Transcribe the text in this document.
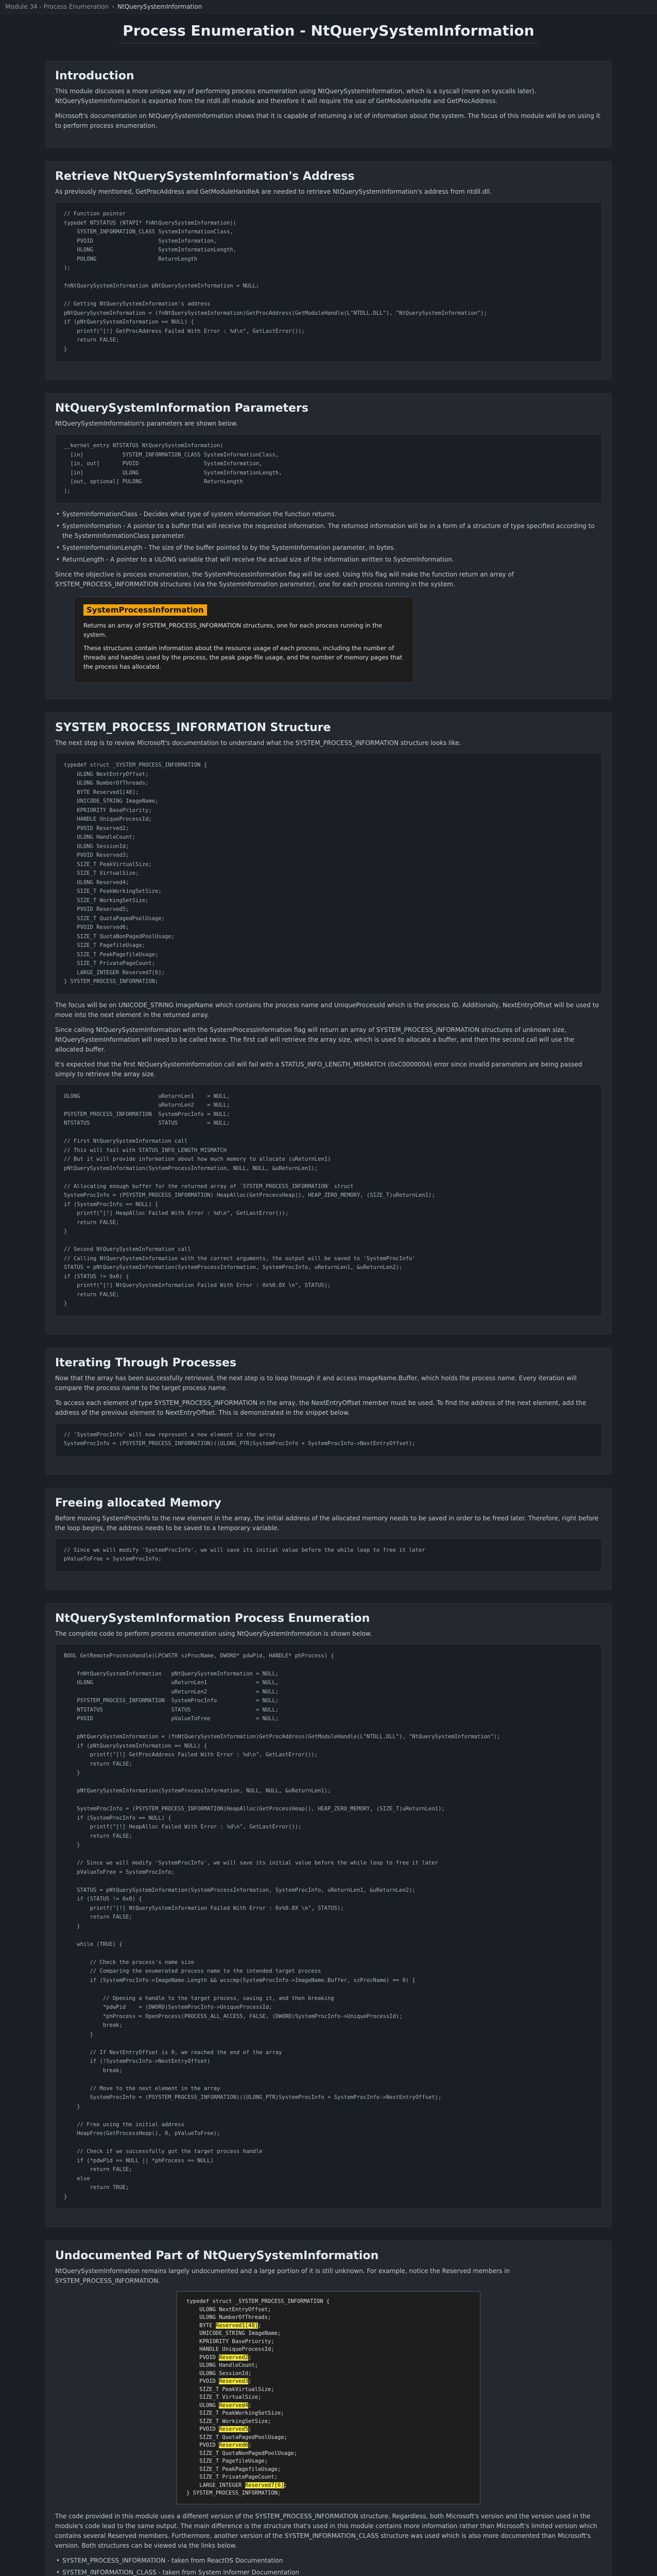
Module 34 - Process Enumeration › NtQuerySystemInformation
Process Enumeration - NtQuerySystemInformation
Introduction

This module discusses a more unique way of performing process enumeration using NtQuerySystemInformation, which is a syscall (more on syscalls later). NtQuerySystemInformation is exported from the ntdll.dll module and therefore it will require the use of GetModuleHandle and GetProcAddress.

Microsoft's documentation on NtQuerySystemInformation shows that it is capable of returning a lot of information about the system. The focus of this module will be on using it to perform process enumeration.

Retrieve NtQuerySystemInformation's Address

As previously mentioned, GetProcAddress and GetModuleHandleA are needed to retrieve NtQuerySystemInformation's address from ntdll.dll.

// Function pointer
typedef NTSTATUS (NTAPI* fnNtQuerySystemInformation)(
SYSTEM_INFORMATION_CLASS SystemInformationClass,
PVOID                    SystemInformation,
ULONG                    SystemInformationLength,
PULONG                   ReturnLength
);

fnNtQuerySystemInformation pNtQuerySystemInformation = NULL;

// Getting NtQuerySystemInformation's address
pNtQuerySystemInformation = (fnNtQuerySystemInformation)GetProcAddress(GetModuleHandle(L"NTDLL.DLL"), "NtQuerySystemInformation");
if (pNtQuerySystemInformation == NULL) {
printf("[!] GetProcAddress Failed With Error : %d\n", GetLastError());
return FALSE;
}
NtQuerySystemInformation Parameters

NtQuerySystemInformation's parameters are shown below.

__kernel_entry NTSTATUS NtQuerySystemInformation(
[in]            SYSTEM_INFORMATION_CLASS SystemInformationClass,
[in, out]       PVOID                    SystemInformation,
[in]            ULONG                    SystemInformationLength,
[out, optional] PULONG                   ReturnLength
);
• SystemInformationClass - Decides what type of system information the function returns.
• SystemInformation - A pointer to a buffer that will receive the requested information. The returned information will be in a form of a structure of type specified according to the SystemInformationClass parameter.
• SystemInformationLength - The size of the buffer pointed to by the SystemInformation parameter, in bytes.
• ReturnLength - A pointer to a ULONG variable that will receive the actual size of the information written to SystemInformation.

Since the objective is process enumeration, the SystemProcessInformation flag will be used. Using this flag will make the function return an array of SYSTEM_PROCESS_INFORMATION structures (via the SystemInformation parameter), one for each process running in the system.

SystemProcessInformation

Returns an array of SYSTEM_PROCESS_INFORMATION structures, one for each process running in the system.

These structures contain information about the resource usage of each process, including the number of threads and handles used by the process, the peak page-file usage, and the number of memory pages that the process has allocated.

SYSTEM_PROCESS_INFORMATION Structure

The next step is to review Microsoft's documentation to understand what the SYSTEM_PROCESS_INFORMATION structure looks like.

typedef struct _SYSTEM_PROCESS_INFORMATION {
ULONG NextEntryOffset;
ULONG NumberOfThreads;
BYTE Reserved1[48];
UNICODE_STRING ImageName;
KPRIORITY BasePriority;
HANDLE UniqueProcessId;
PVOID Reserved2;
ULONG HandleCount;
ULONG SessionId;
PVOID Reserved3;
SIZE_T PeakVirtualSize;
SIZE_T VirtualSize;
ULONG Reserved4;
SIZE_T PeakWorkingSetSize;
SIZE_T WorkingSetSize;
PVOID Reserved5;
SIZE_T QuotaPagedPoolUsage;
PVOID Reserved6;
SIZE_T QuotaNonPagedPoolUsage;
SIZE_T PagefileUsage;
SIZE_T PeakPagefileUsage;
SIZE_T PrivatePageCount;
LARGE_INTEGER Reserved7[6];
} SYSTEM_PROCESS_INFORMATION;

The focus will be on UNICODE_STRING ImageName which contains the process name and UniqueProcessId which is the process ID. Additionally, NextEntryOffset will be used to move into the next element in the returned array.

Since calling NtQuerySystemInformation with the SystemProcessInformation flag will return an array of SYSTEM_PROCESS_INFORMATION structures of unknown size, NtQuerySystemInformation will need to be called twice. The first call will retrieve the array size, which is used to allocate a buffer, and then the second call will use the allocated buffer.

It's expected that the first NtQuerySystemInformation call will fail with a STATUS_INFO_LENGTH_MISMATCH (0xC0000004) error since invalid parameters are being passed simply to retrieve the array size.

ULONG                        uReturnLen1    = NULL,
uReturnLen2    = NULL;
PSYSTEM_PROCESS_INFORMATION  SystemProcInfo = NULL;
NTSTATUS                     STATUS         = NULL;

// First NtQuerySystemInformation call
// This will fail with STATUS_INFO_LENGTH_MISMATCH
// But it will provide information about how much memory to allocate (uReturnLen1)
pNtQuerySystemInformation(SystemProcessInformation, NULL, NULL, &uReturnLen1);

// Allocating enough buffer for the returned array of `SYSTEM_PROCESS_INFORMATION` struct
SystemProcInfo = (PSYSTEM_PROCESS_INFORMATION) HeapAlloc(GetProcessHeap(), HEAP_ZERO_MEMORY, (SIZE_T)uReturnLen1);
if (SystemProcInfo == NULL) {
printf("[!] HeapAlloc Failed With Error : %d\n", GetLastError());
return FALSE;
}

// Second NtQuerySystemInformation call
// Calling NtQuerySystemInformation with the correct arguments, the output will be saved to 'SystemProcInfo'
STATUS = pNtQuerySystemInformation(SystemProcessInformation, SystemProcInfo, uReturnLen1, &uReturnLen2);
if (STATUS != 0x0) {
printf("[!] NtQuerySystemInformation Failed With Error : 0x%0.8X \n", STATUS);
return FALSE;
}
Iterating Through Processes

Now that the array has been successfully retrieved, the next step is to loop through it and access ImageName.Buffer, which holds the process name. Every iteration will compare the process name to the target process name.

To access each element of type SYSTEM_PROCESS_INFORMATION in the array, the NextEntryOffset member must be used. To find the address of the next element, add the address of the previous element to NextEntryOffset. This is demonstrated in the snippet below.

// 'SystemProcInfo' will now represent a new element in the array
SystemProcInfo = (PSYSTEM_PROCESS_INFORMATION)((ULONG_PTR)SystemProcInfo + SystemProcInfo->NextEntryOffset);
Freeing allocated Memory

Before moving SystemProcInfo to the new element in the array, the initial address of the allocated memory needs to be saved in order to be freed later. Therefore, right before the loop begins, the address needs to be saved to a temporary variable.

// Since we will modify 'SystemProcInfo', we will save its initial value before the while loop to free it later
pValueToFree = SystemProcInfo;
NtQuerySystemInformation Process Enumeration

The complete code to perform process enumeration using NtQuerySystemInformation is shown below.

BOOL GetRemoteProcessHandle(LPCWSTR szProcName, DWORD* pdwPid, HANDLE* phProcess) {

fnNtQuerySystemInformation   pNtQuerySystemInformation = NULL;
ULONG                        uReturnLen1               = NULL,
uReturnLen2               = NULL;
PSYSTEM_PROCESS_INFORMATION  SystemProcInfo            = NULL;
NTSTATUS                     STATUS                    = NULL;
PVOID                        pValueToFree              = NULL;

pNtQuerySystemInformation = (fnNtQuerySystemInformation)GetProcAddress(GetModuleHandle(L"NTDLL.DLL"), "NtQuerySystemInformation");
if (pNtQuerySystemInformation == NULL) {
printf("[!] GetProcAddress Failed With Error : %d\n", GetLastError());
return FALSE;
}

pNtQuerySystemInformation(SystemProcessInformation, NULL, NULL, &uReturnLen1);

SystemProcInfo = (PSYSTEM_PROCESS_INFORMATION)HeapAlloc(GetProcessHeap(), HEAP_ZERO_MEMORY, (SIZE_T)uReturnLen1);
if (SystemProcInfo == NULL) {
printf("[!] HeapAlloc Failed With Error : %d\n", GetLastError());
return FALSE;
}

// Since we will modify 'SystemProcInfo', we will save its initial value before the while loop to free it later
pValueToFree = SystemProcInfo;

STATUS = pNtQuerySystemInformation(SystemProcessInformation, SystemProcInfo, uReturnLen1, &uReturnLen2);
if (STATUS != 0x0) {
printf("[!] NtQuerySystemInformation Failed With Error : 0x%0.8X \n", STATUS);
return FALSE;
}

while (TRUE) {

// Check the process's name size
// Comparing the enumerated process name to the intended target process
if (SystemProcInfo->ImageName.Length && wcscmp(SystemProcInfo->ImageName.Buffer, szProcName) == 0) {

// Opening a handle to the target process, saving it, and then breaking
*pdwPid    = (DWORD)SystemProcInfo->UniqueProcessId;
*phProcess = OpenProcess(PROCESS_ALL_ACCESS, FALSE, (DWORD)SystemProcInfo->UniqueProcessId);
break;
}

// If NextEntryOffset is 0, we reached the end of the array
if (!SystemProcInfo->NextEntryOffset)
break;

// Move to the next element in the array
SystemProcInfo = (PSYSTEM_PROCESS_INFORMATION)((ULONG_PTR)SystemProcInfo + SystemProcInfo->NextEntryOffset);
}

// Free using the initial address
HeapFree(GetProcessHeap(), 0, pValueToFree);

// Check if we successfully got the target process handle
if (*pdwPid == NULL || *phProcess == NULL)
return FALSE;
else
return TRUE;
}
Undocumented Part of NtQuerySystemInformation

NtQuerySystemInformation remains largely undocumented and a large portion of it is still unknown. For example, notice the Reserved members in SYSTEM_PROCESS_INFORMATION.

typedef struct _SYSTEM_PROCESS_INFORMATION {
ULONG NextEntryOffset;
ULONG NumberOfThreads;
BYTE Reserved1[48];
UNICODE_STRING ImageName;
KPRIORITY BasePriority;
HANDLE UniqueProcessId;
PVOID Reserved2;
ULONG HandleCount;
ULONG SessionId;
PVOID Reserved3;
SIZE_T PeakVirtualSize;
SIZE_T VirtualSize;
ULONG Reserved4;
SIZE_T PeakWorkingSetSize;
SIZE_T WorkingSetSize;
PVOID Reserved5;
SIZE_T QuotaPagedPoolUsage;
PVOID Reserved6;
SIZE_T QuotaNonPagedPoolUsage;
SIZE_T PagefileUsage;
SIZE_T PeakPagefileUsage;
SIZE_T PrivatePageCount;
LARGE_INTEGER Reserved7[6];
} SYSTEM_PROCESS_INFORMATION;

The code provided in this module uses a different version of the SYSTEM_PROCESS_INFORMATION structure. Regardless, both Microsoft's version and the version used in the module's code lead to the same output. The main difference is the structure that's used in this module contains more information rather than Microsoft's limited version which contains several Reserved members. Furthermore, another version of the SYSTEM_INFORMATION_CLASS structure was used which is also more documented than Microsoft's version. Both structures can be viewed via the links below.

• SYSTEM_PROCESS_INFORMATION - taken from ReactOS Documentation
• SYSTEM_INFORMATION_CLASS - taken from System Informer Documentation
